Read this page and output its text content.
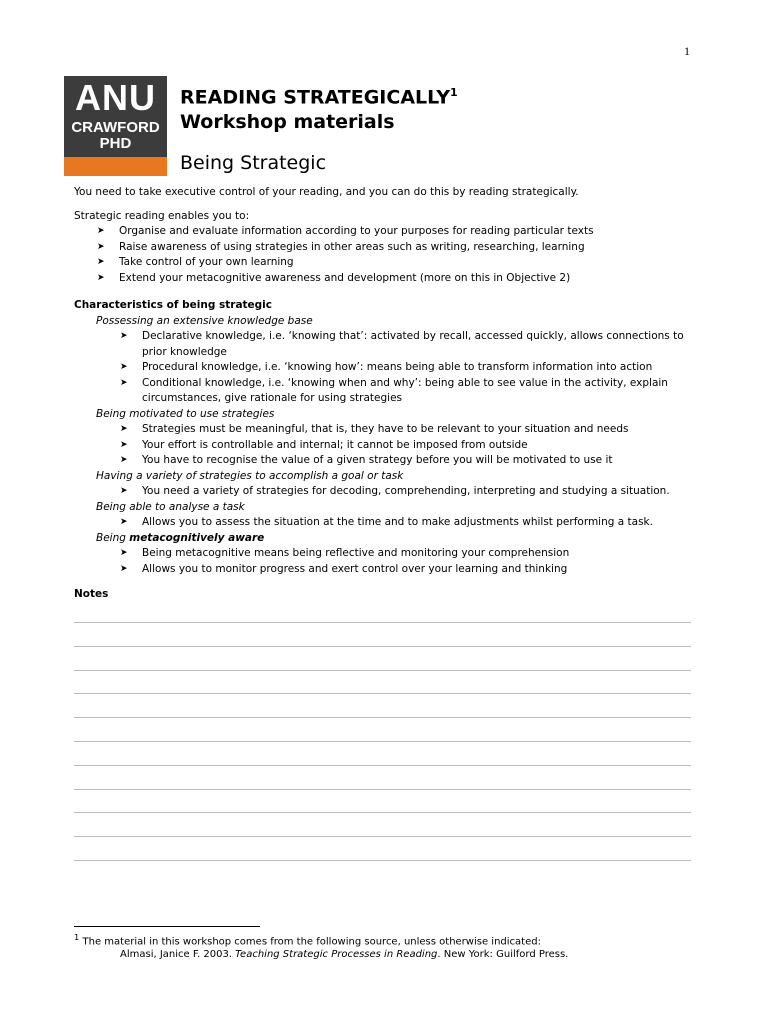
1
ANU
CRAWFORD
PHD
READING STRATEGICALLY$^1$
Workshop materials
Being Strategic

You need to take executive control of your reading, and you can do this by reading strategically.

Strategic reading enables you to:

➤ Organise and evaluate information according to your purposes for reading particular texts
➤ Raise awareness of using strategies in other areas such as writing, researching, learning
➤ Take control of your own learning
➤ Extend your metacognitive awareness and development (more on this in Objective 2)
Characteristics of being strategic
Possessing an extensive knowledge base
➤ Declarative knowledge, i.e. ‘knowing that’: activated by recall, accessed quickly, allows connections to prior knowledge
➤ Procedural knowledge, i.e. ‘knowing how’: means being able to transform information into action
➤ Conditional knowledge, i.e. ‘knowing when and why’: being able to see value in the activity, explain circumstances, give rationale for using strategies
Being motivated to use strategies
➤ Strategies must be meaningful, that is, they have to be relevant to your situation and needs
➤ Your effort is controllable and internal; it cannot be imposed from outside
➤ You have to recognise the value of a given strategy before you will be motivated to use it
Having a variety of strategies to accomplish a goal or task
➤ You need a variety of strategies for decoding, comprehending, interpreting and studying a situation.
Being able to analyse a task
➤ Allows you to assess the situation at the time and to make adjustments whilst performing a task.
Being metacognitively aware
➤ Being metacognitive means being reflective and monitoring your comprehension
➤ Allows you to monitor progress and exert control over your learning and thinking
Notes
$^1$ The material in this workshop comes from the following source, unless otherwise indicated:
Almasi, Janice F. 2003. Teaching Strategic Processes in Reading. New York: Guilford Press.
